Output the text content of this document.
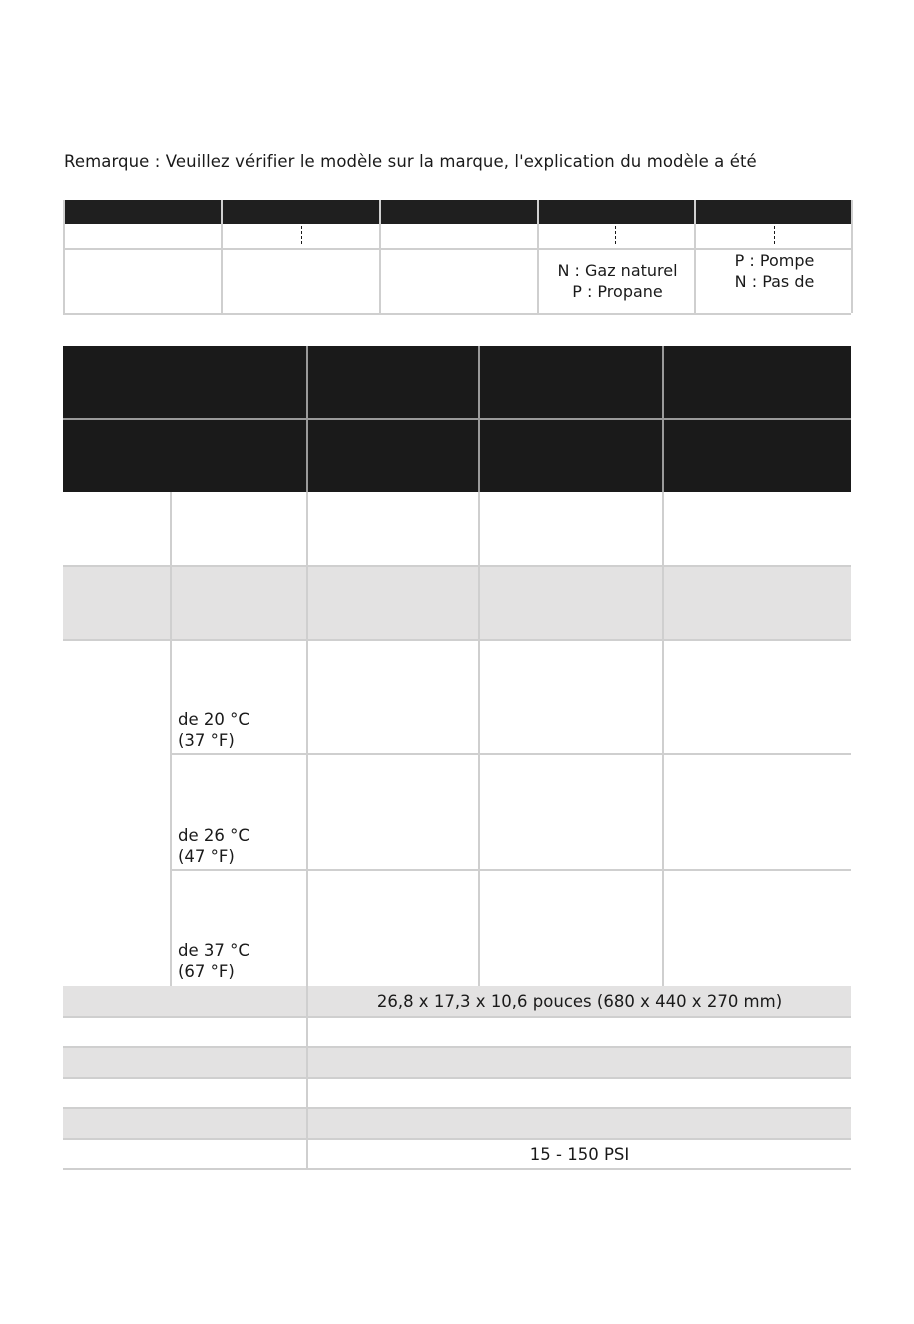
Remarque : Veuillez vérifier le modèle sur la marque, l'explication du modèle a été
N : Gaz naturel
P : Propane
P : Pompe
N : Pas de
de 20 °C
(37 °F)
de 26 °C
(47 °F)
de 37 °C
(67 °F)
26,8 x 17,3 x 10,6 pouces (680 x 440 x 270 mm)
15 - 150 PSI
